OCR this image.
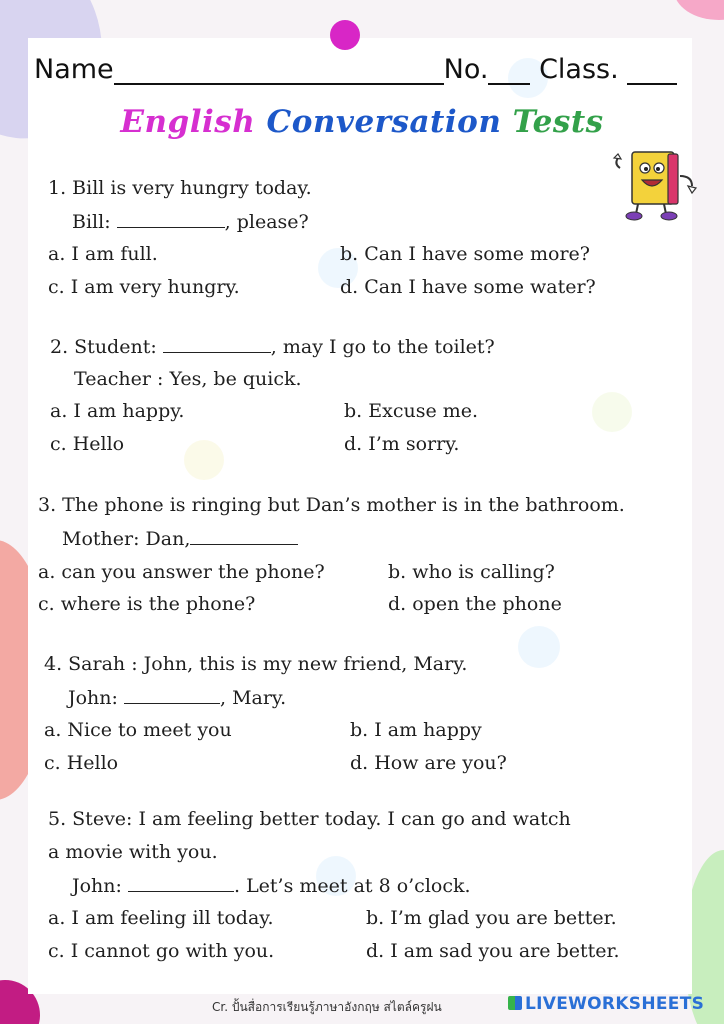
Name	No. Class.
English Conversation Tests
1. Bill is very hungry today.
Bill:	, please?
a. I am full.	b. Can I have some more?
c. I am very hungry.	d. Can I have some water?
2. Student:	, may I go to the toilet?
Teacher : Yes, be quick.
a. I am happy.	b. Excuse me.
c. Hello	d. I’m sorry.
3. The phone is ringing but Dan’s mother is in the bathroom.
Mother: Dan,
a. can you answer the phone?	b. who is calling?
c. where is the phone?	d. open the phone
4. Sarah : John, this is my new friend, Mary.
John:	, Mary.
a. Nice to meet you	b. I am happy
c. Hello	d. How are you?
5. Steve: I am feeling better today. I can go and watch
a movie with you.
John:	. Let’s meet at 8 o’clock.
a. I am feeling ill today.	b. I’m glad you are better.
c. I cannot go with you.	d. I am sad you are better.
Cr. ปั้นสื่อการเรียนรู้ภาษาอังกฤษ สไตล์ครูฝน	LIVEWORKSHEETS
